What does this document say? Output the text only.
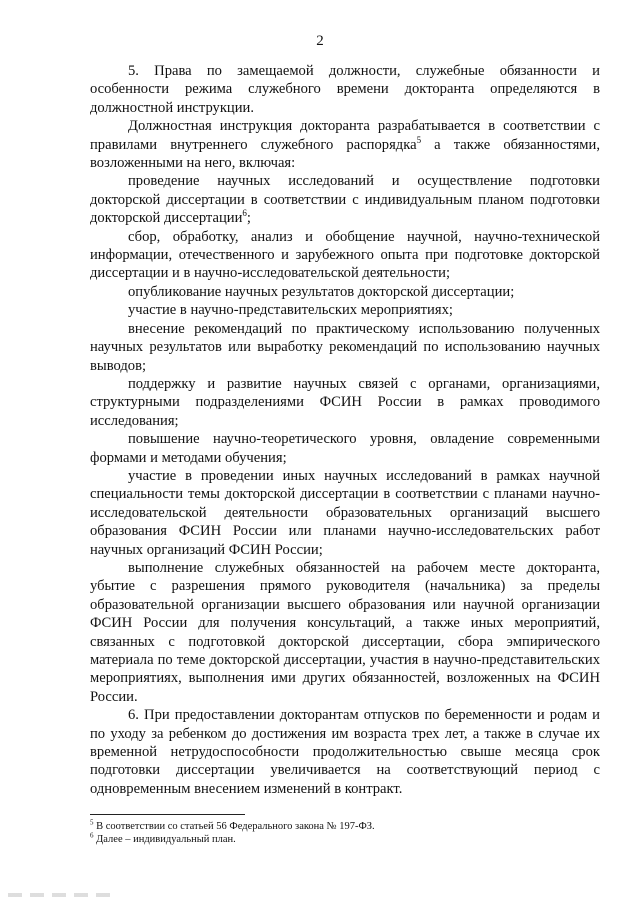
2

5. Права по замещаемой должности, служебные обязанности и особенности режима служебного времени докторанта определяются в должностной инструкции.

Должностная инструкция докторанта разрабатывается в соответствии с правилами внутреннего служебного распорядка$^5$ а также обязанностями, возложенными на него, включая:

проведение научных исследований и осуществление подготовки докторской диссертации в соответствии с индивидуальным планом подготовки докторской диссертации$^6$;

сбор, обработку, анализ и обобщение научной, научно-технической информации, отечественного и зарубежного опыта при подготовке докторской диссертации и в научно-исследовательской деятельности;

опубликование научных результатов докторской диссертации;

участие в научно-представительских мероприятиях;

внесение рекомендаций по практическому использованию полученных научных результатов или выработку рекомендаций по использованию научных выводов;

поддержку и развитие научных связей с органами, организациями, структурными подразделениями ФСИН России в рамках проводимого исследования;

повышение научно-теоретического уровня, овладение современными формами и методами обучения;

участие в проведении иных научных исследований в рамках научной специальности темы докторской диссертации в соответствии с планами научно-исследовательской деятельности образовательных организаций высшего образования ФСИН России или планами научно-исследовательских работ научных организаций ФСИН России;

выполнение служебных обязанностей на рабочем месте докторанта, убытие с разрешения прямого руководителя (начальника) за пределы образовательной организации высшего образования или научной организации ФСИН России для получения консультаций, а также иных мероприятий, связанных с подготовкой докторской диссертации, сбора эмпирического материала по теме докторской диссертации, участия в научно-представительских мероприятиях, выполнения ими других обязанностей, возложенных на ФСИН России.

6. При предоставлении докторантам отпусков по беременности и родам и по уходу за ребенком до достижения им возраста трех лет, а также в случае их временной нетрудоспособности продолжительностью свыше месяца срок подготовки диссертации увеличивается на соответствующий период с одновременным внесением изменений в контракт.

$^5$ В соответствии со статьей 56 Федерального закона № 197-ФЗ.

$^6$ Далее – индивидуальный план.
